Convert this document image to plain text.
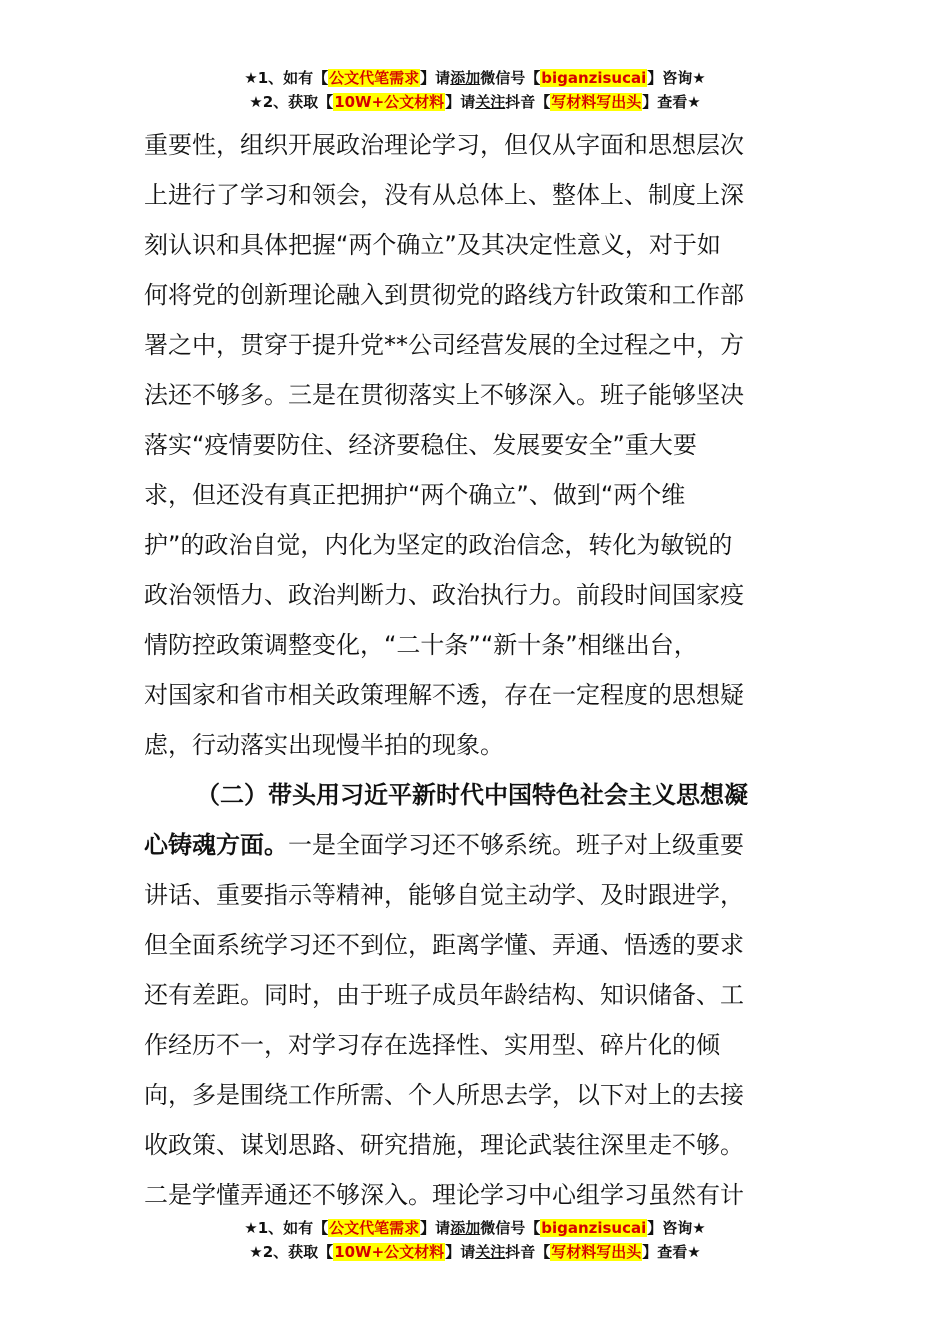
★1、如有【公文代笔需求】请添加微信号【biganzisucai】咨询★
★2、获取【10W+公文材料】请关注抖音【写材料写出头】查看★
重要性，组织开展政治理论学习，但仅从字面和思想层次
上进行了学习和领会，没有从总体上、整体上、制度上深
刻认识和具体把握“两个确立”及其决定性意义，对于如
何将党的创新理论融入到贯彻党的路线方针政策和工作部
署之中，贯穿于提升党**公司经营发展的全过程之中，方
法还不够多。三是在贯彻落实上不够深入。班子能够坚决
落实“疫情要防住、经济要稳住、发展要安全”重大要
求，但还没有真正把拥护“两个确立”、做到“两个维
护”的政治自觉，内化为坚定的政治信念，转化为敏锐的
政治领悟力、政治判断力、政治执行力。前段时间国家疫
情防控政策调整变化，“二十条”“新十条”相继出台，
对国家和省市相关政策理解不透，存在一定程度的思想疑
虑，行动落实出现慢半拍的现象。
（二）带头用习近平新时代中国特色社会主义思想凝
心铸魂方面。一是全面学习还不够系统。班子对上级重要
讲话、重要指示等精神，能够自觉主动学、及时跟进学，
但全面系统学习还不到位，距离学懂、弄通、悟透的要求
还有差距。同时，由于班子成员年龄结构、知识储备、工
作经历不一，对学习存在选择性、实用型、碎片化的倾
向，多是围绕工作所需、个人所思去学，以下对上的去接
收政策、谋划思路、研究措施，理论武装往深里走不够。
二是学懂弄通还不够深入。理论学习中心组学习虽然有计
★1、如有【公文代笔需求】请添加微信号【biganzisucai】咨询★
★2、获取【10W+公文材料】请关注抖音【写材料写出头】查看★
